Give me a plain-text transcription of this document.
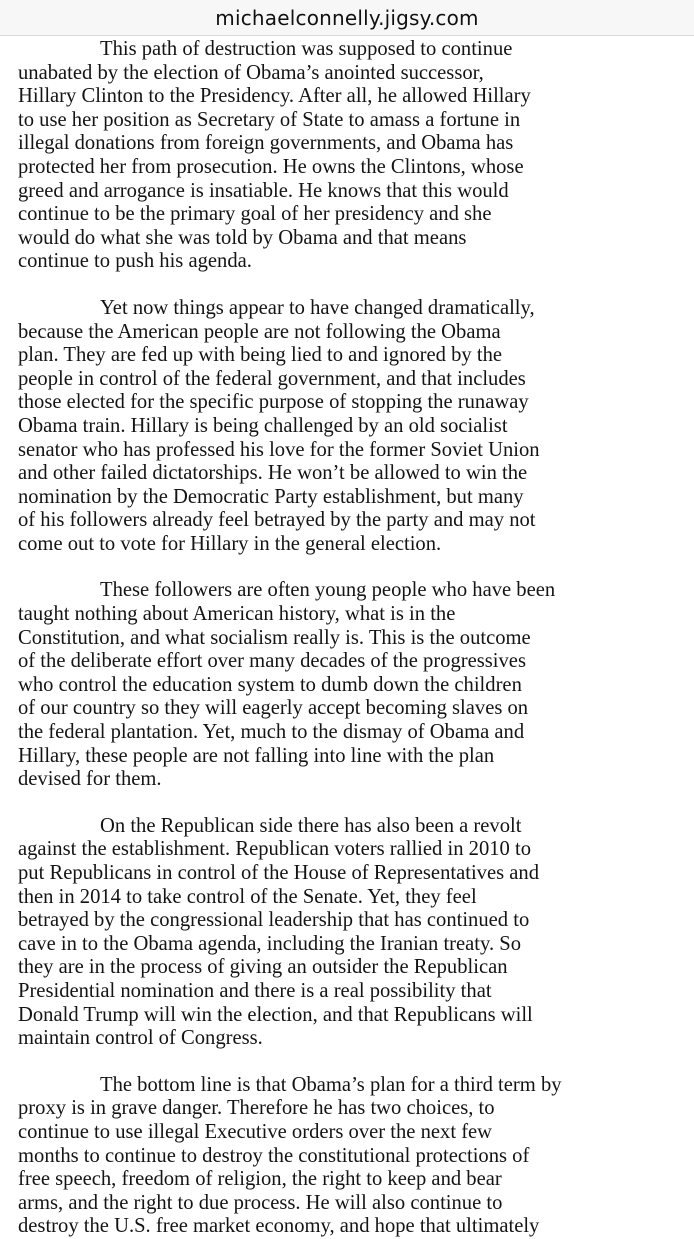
michaelconnelly.jigsy.com

This path of destruction was supposed to continue
unabated by the election of Obama’s anointed successor,
Hillary Clinton to the Presidency. After all, he allowed Hillary
to use her position as Secretary of State to amass a fortune in
illegal donations from foreign governments, and Obama has
protected her from prosecution. He owns the Clintons, whose
greed and arrogance is insatiable. He knows that this would
continue to be the primary goal of her presidency and she
would do what she was told by Obama and that means
continue to push his agenda.

Yet now things appear to have changed dramatically,
because the American people are not following the Obama
plan. They are fed up with being lied to and ignored by the
people in control of the federal government, and that includes
those elected for the specific purpose of stopping the runaway
Obama train. Hillary is being challenged by an old socialist
senator who has professed his love for the former Soviet Union
and other failed dictatorships. He won’t be allowed to win the
nomination by the Democratic Party establishment, but many
of his followers already feel betrayed by the party and may not
come out to vote for Hillary in the general election.

These followers are often young people who have been
taught nothing about American history, what is in the
Constitution, and what socialism really is. This is the outcome
of the deliberate effort over many decades of the progressives
who control the education system to dumb down the children
of our country so they will eagerly accept becoming slaves on
the federal plantation. Yet, much to the dismay of Obama and
Hillary, these people are not falling into line with the plan
devised for them.

On the Republican side there has also been a revolt
against the establishment. Republican voters rallied in 2010 to
put Republicans in control of the House of Representatives and
then in 2014 to take control of the Senate. Yet, they feel
betrayed by the congressional leadership that has continued to
cave in to the Obama agenda, including the Iranian treaty. So
they are in the process of giving an outsider the Republican
Presidential nomination and there is a real possibility that
Donald Trump will win the election, and that Republicans will
maintain control of Congress.

The bottom line is that Obama’s plan for a third term by
proxy is in grave danger. Therefore he has two choices, to
continue to use illegal Executive orders over the next few
months to continue to destroy the constitutional protections of
free speech, freedom of religion, the right to keep and bear
arms, and the right to due process. He will also continue to
destroy the U.S. free market economy, and hope that ultimately
